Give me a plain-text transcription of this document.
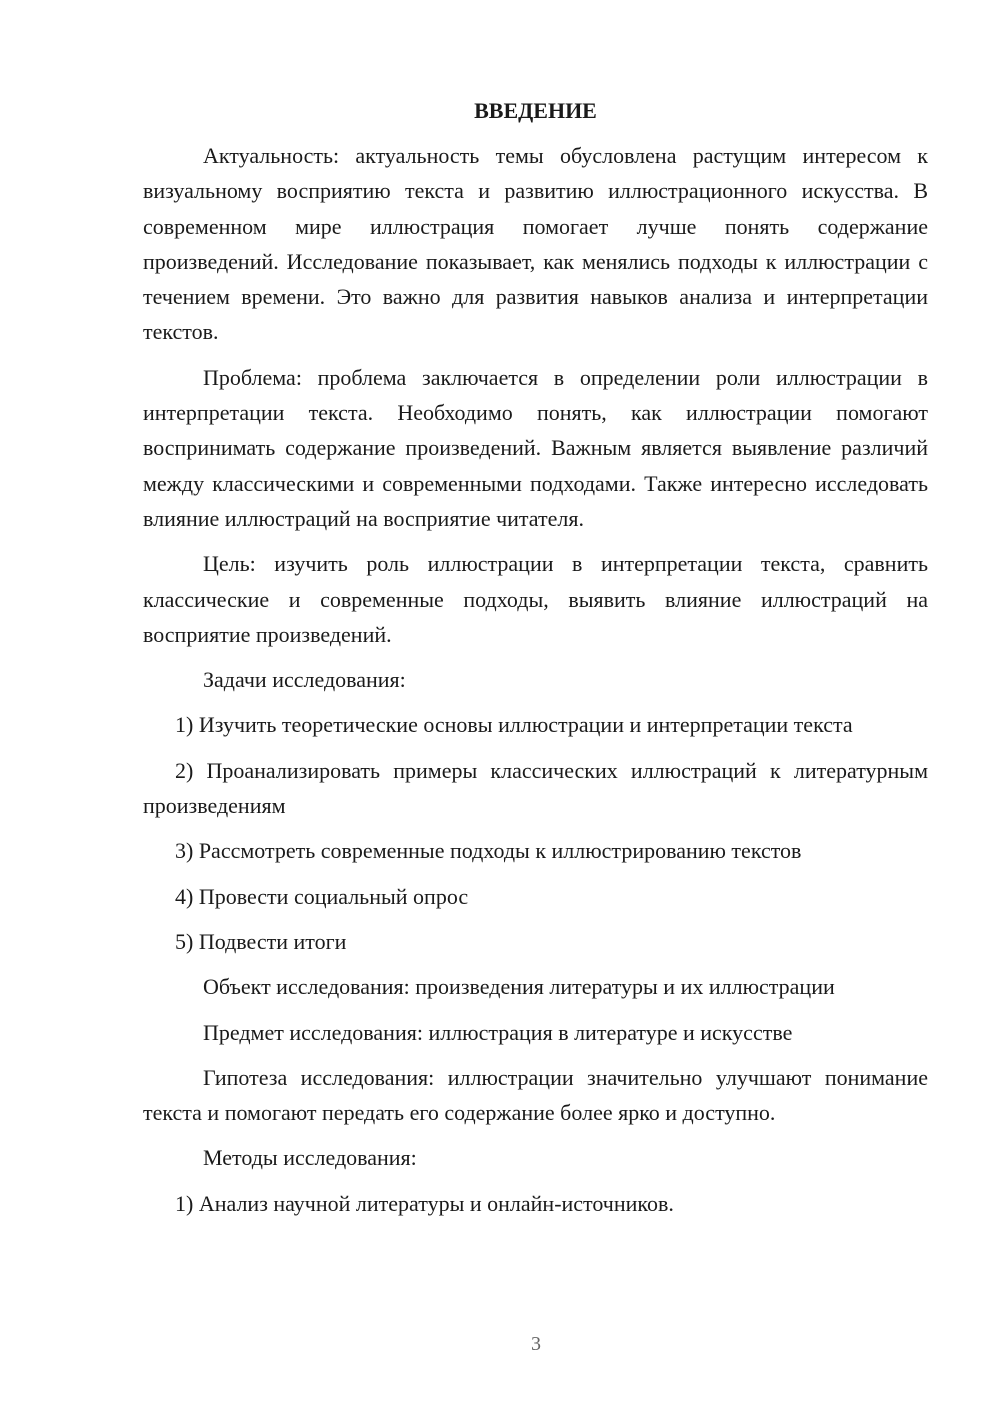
ВВЕДЕНИЕ

Актуальность: актуальность темы обусловлена растущим интересом к визуальному восприятию текста и развитию иллюстрационного искусства. В современном мире иллюстрация помогает лучше понять содержание произведений. Исследование показывает, как менялись подходы к иллюстрации с течением времени. Это важно для развития навыков анализа и интерпретации текстов.

Проблема: проблема заключается в определении роли иллюстрации в интерпретации текста. Необходимо понять, как иллюстрации помогают воспринимать содержание произведений. Важным является выявление различий между классическими и современными подходами. Также интересно исследовать влияние иллюстраций на восприятие читателя.

Цель: изучить роль иллюстрации в интерпретации текста, сравнить классические и современные подходы, выявить влияние иллюстраций на восприятие произведений.

Задачи исследования:

1) Изучить теоретические основы иллюстрации и интерпретации текста

2) Проанализировать примеры классических иллюстраций к литературным произведениям

3) Рассмотреть современные подходы к иллюстрированию текстов

4) Провести социальный опрос

5) Подвести итоги

Объект исследования: произведения литературы и их иллюстрации

Предмет исследования: иллюстрация в литературе и искусстве

Гипотеза исследования: иллюстрации значительно улучшают понимание текста и помогают передать его содержание более ярко и доступно.

Методы исследования:

1) Анализ научной литературы и онлайн-источников.

3
